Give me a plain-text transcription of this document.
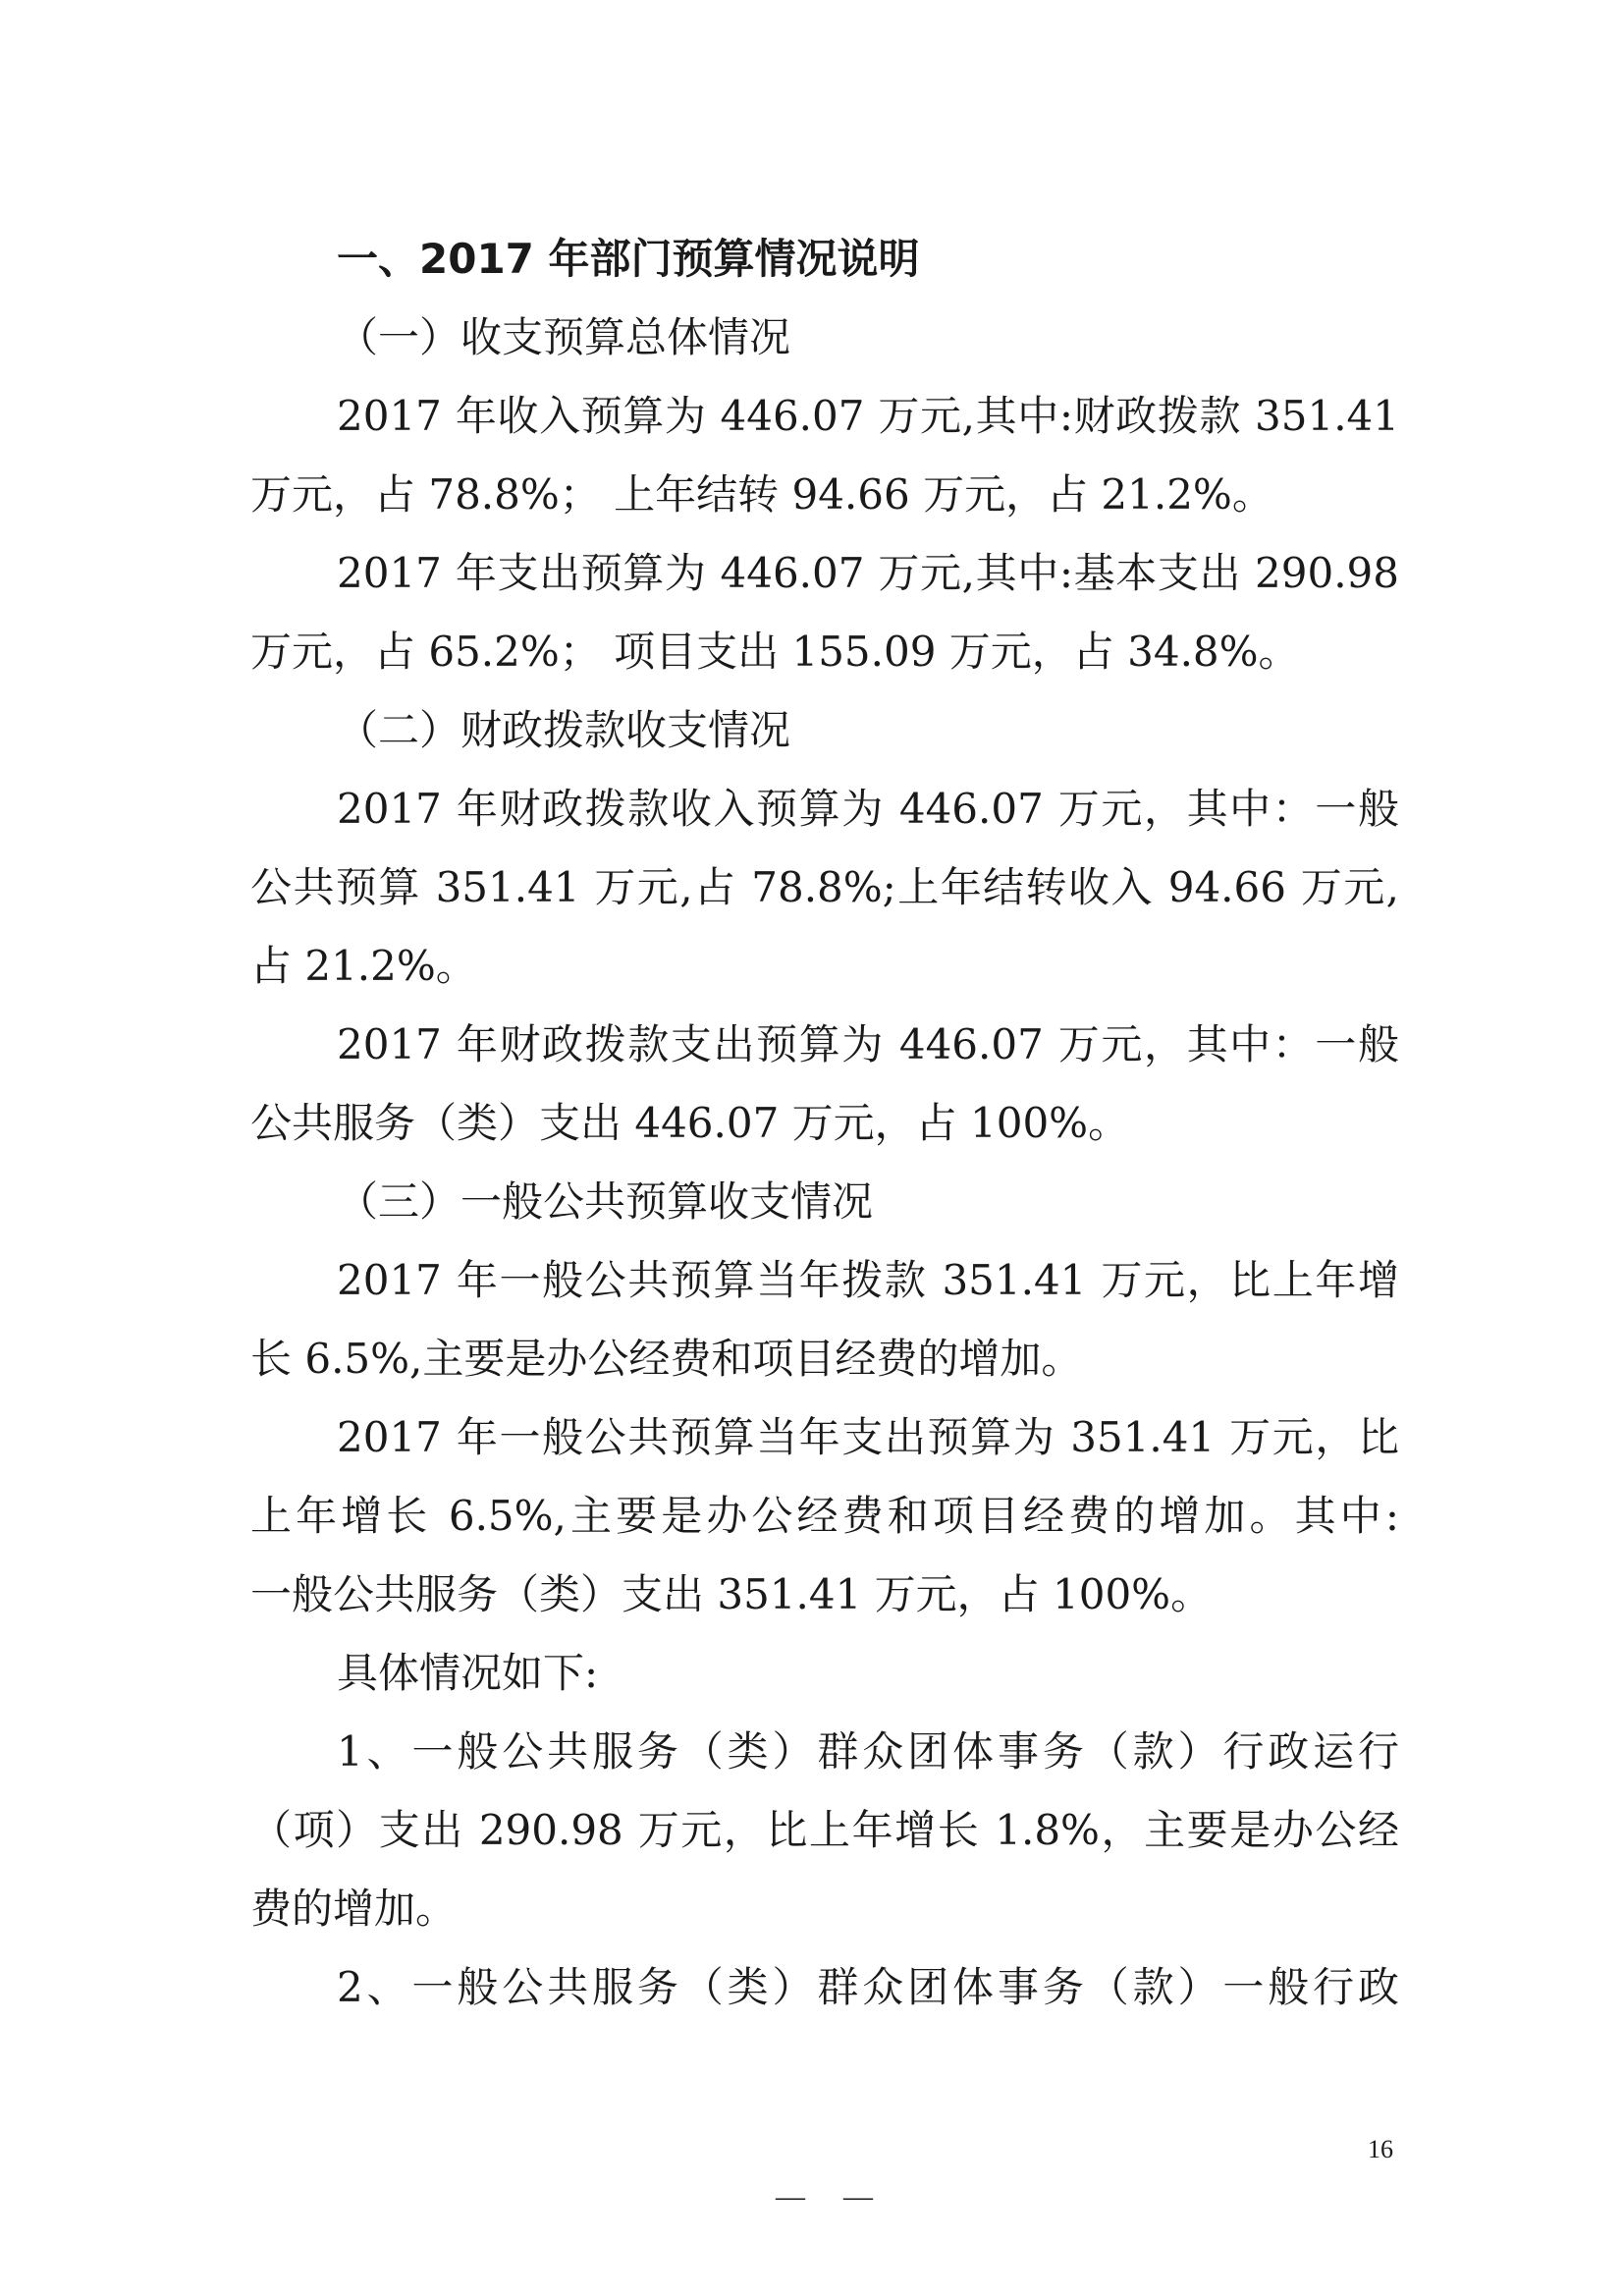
一、2017 年部门预算情况说明
（一）收支预算总体情况
2017 年收入预算为 446.07 万元,其中:财政拨款 351.41
万元，占 78.8%； 上年结转 94.66 万元，占 21.2%。
2017 年支出预算为 446.07 万元,其中:基本支出 290.98
万元，占 65.2%； 项目支出 155.09 万元，占 34.8%。
（二）财政拨款收支情况
2017 年财政拨款收入预算为 446.07 万元，其中：一般
公共预算 351.41 万元,占 78.8%;上年结转收入 94.66 万元,
占 21.2%。
2017 年财政拨款支出预算为 446.07 万元，其中：一般
公共服务（类）支出 446.07 万元，占 100%。
（三）一般公共预算收支情况
2017 年一般公共预算当年拨款 351.41 万元，比上年增
长 6.5%,主要是办公经费和项目经费的增加。
2017 年一般公共预算当年支出预算为 351.41 万元，比
上年增长 6.5%,主要是办公经费和项目经费的增加。其中:
一般公共服务（类）支出 351.41 万元，占 100%。
具体情况如下:
1、一般公共服务（类）群众团体事务（款）行政运行
（项）支出 290.98 万元，比上年增长 1.8%，主要是办公经
费的增加。
2、一般公共服务（类）群众团体事务（款）一般行政
16
—  —
